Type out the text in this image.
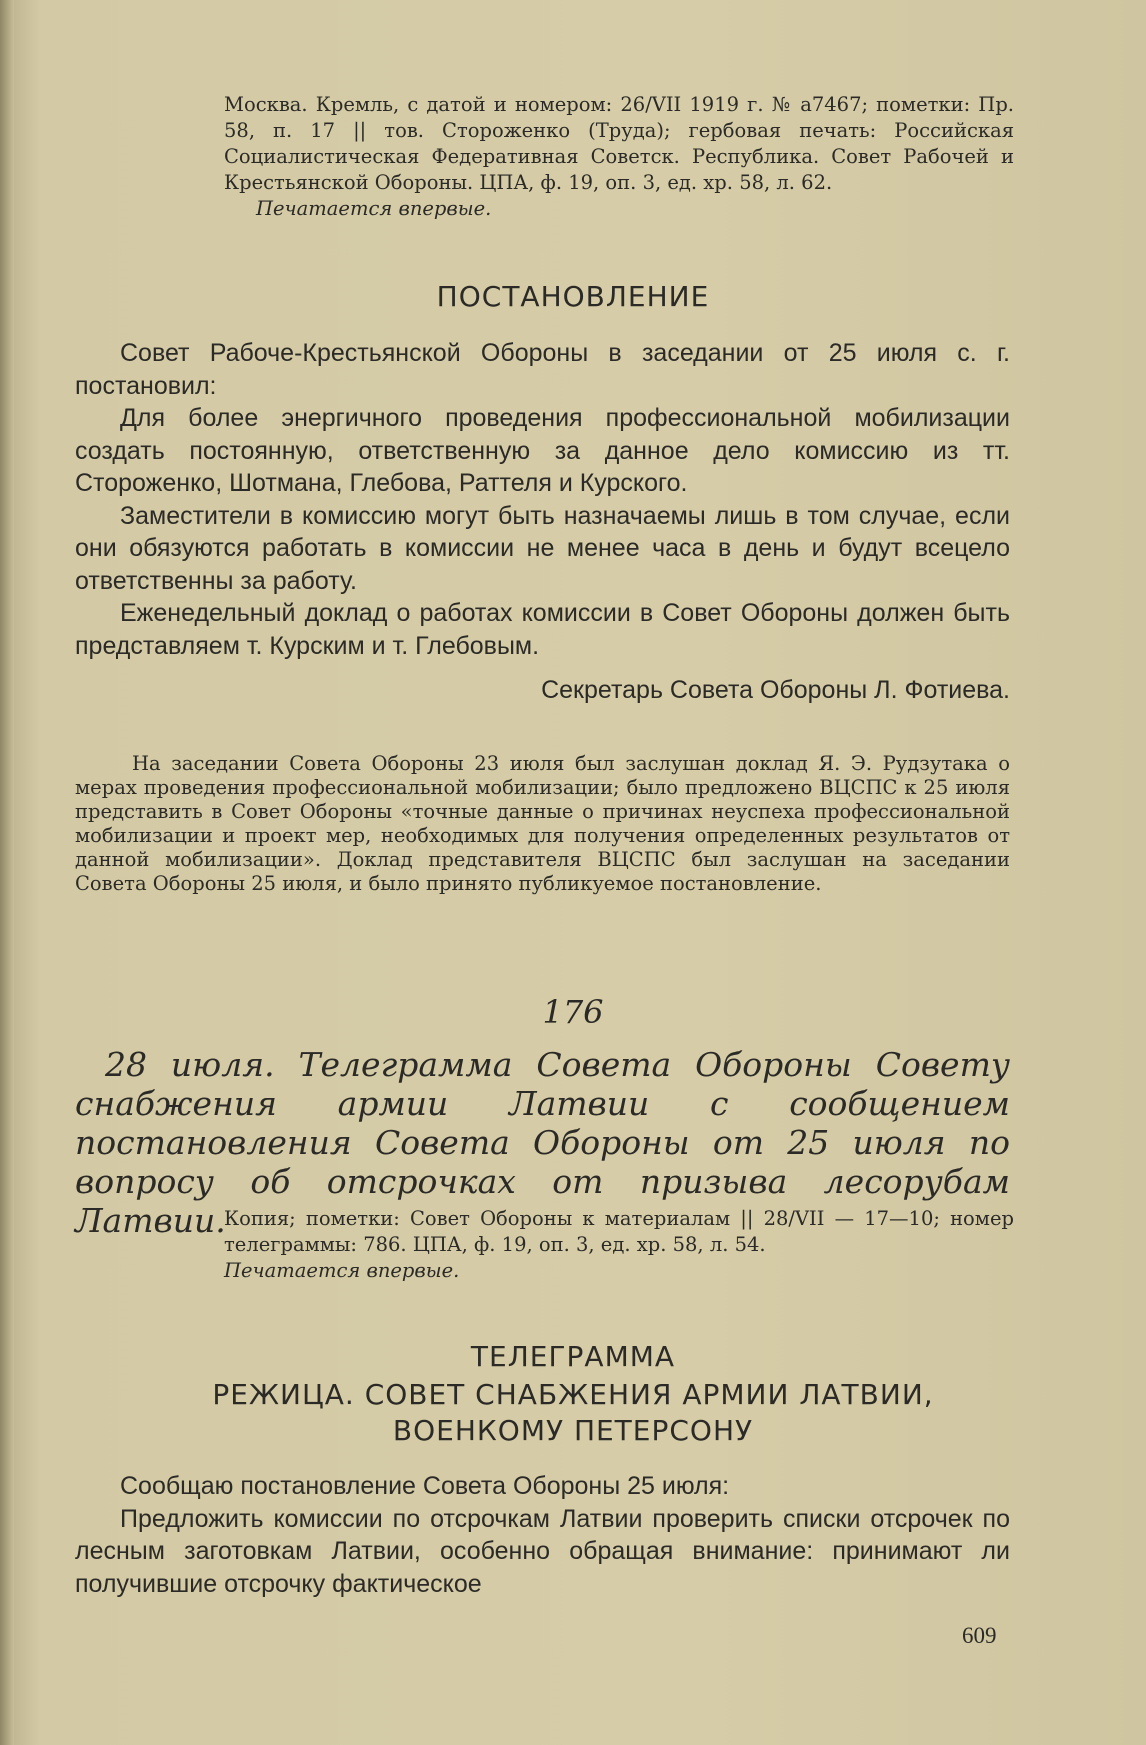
Москва. Кремль, с датой и номером: 26/VII 1919 г. № а7467; пометки: Пр. 58, п. 17 || тов. Стороженко (Труда); гербовая печать: Российская Социалистическая Федеративная Советск. Республика. Совет Рабочей и Крестьянской Обороны. ЦПА, ф. 19, оп. 3, ед. хр. 58, л. 62.

Печатается впервые.

ПОСТАНОВЛЕНИЕ

Совет Рабоче-Крестьянской Обороны в заседании от 25 июля с. г. постановил:

Для более энергичного проведения профессиональной мобилизации создать постоянную, ответственную за данное дело комиссию из тт. Стороженко, Шотмана, Глебова, Раттеля и Курского.

Заместители в комиссию могут быть назначаемы лишь в том случае, если они обязуются работать в комиссии не менее часа в день и будут всецело ответственны за работу.

Еженедельный доклад о работах комиссии в Совет Обороны должен быть представляем т. Курским и т. Глебовым.

Секретарь Совета Обороны Л. Фотиева.

На заседании Совета Обороны 23 июля был заслушан доклад Я. Э. Рудзутака о мерах проведения профессиональной мобилизации; было предложено ВЦСПС к 25 июля представить в Совет Обороны «точные данные о причинах неуспеха профессиональной мобилизации и проект мер, необходимых для получения определенных результатов от данной мобилизации». Доклад представителя ВЦСПС был заслушан на заседании Совета Обороны 25 июля, и было принято публикуемое постановление.

176

28 июля. Телеграмма Совета Обороны Совету снабжения армии Латвии с сообщением постановления Совета Обороны от 25 июля по вопросу об отсрочках от призыва лесорубам Латвии.

Копия; пометки: Совет Обороны к материалам || 28/VII — 17—10; номер телеграммы: 786. ЦПА, ф. 19, оп. 3, ед. хр. 58, л. 54.

Печатается впервые.

ТЕЛЕГРАММА
РЕЖИЦА. СОВЕТ СНАБЖЕНИЯ АРМИИ ЛАТВИИ,
ВОЕНКОМУ ПЕТЕРСОНУ

Сообщаю постановление Совета Обороны 25 июля:

Предложить комиссии по отсрочкам Латвии проверить списки отсрочек по лесным заготовкам Латвии, особенно обращая внимание: принимают ли получившие отсрочку фактическое

609
